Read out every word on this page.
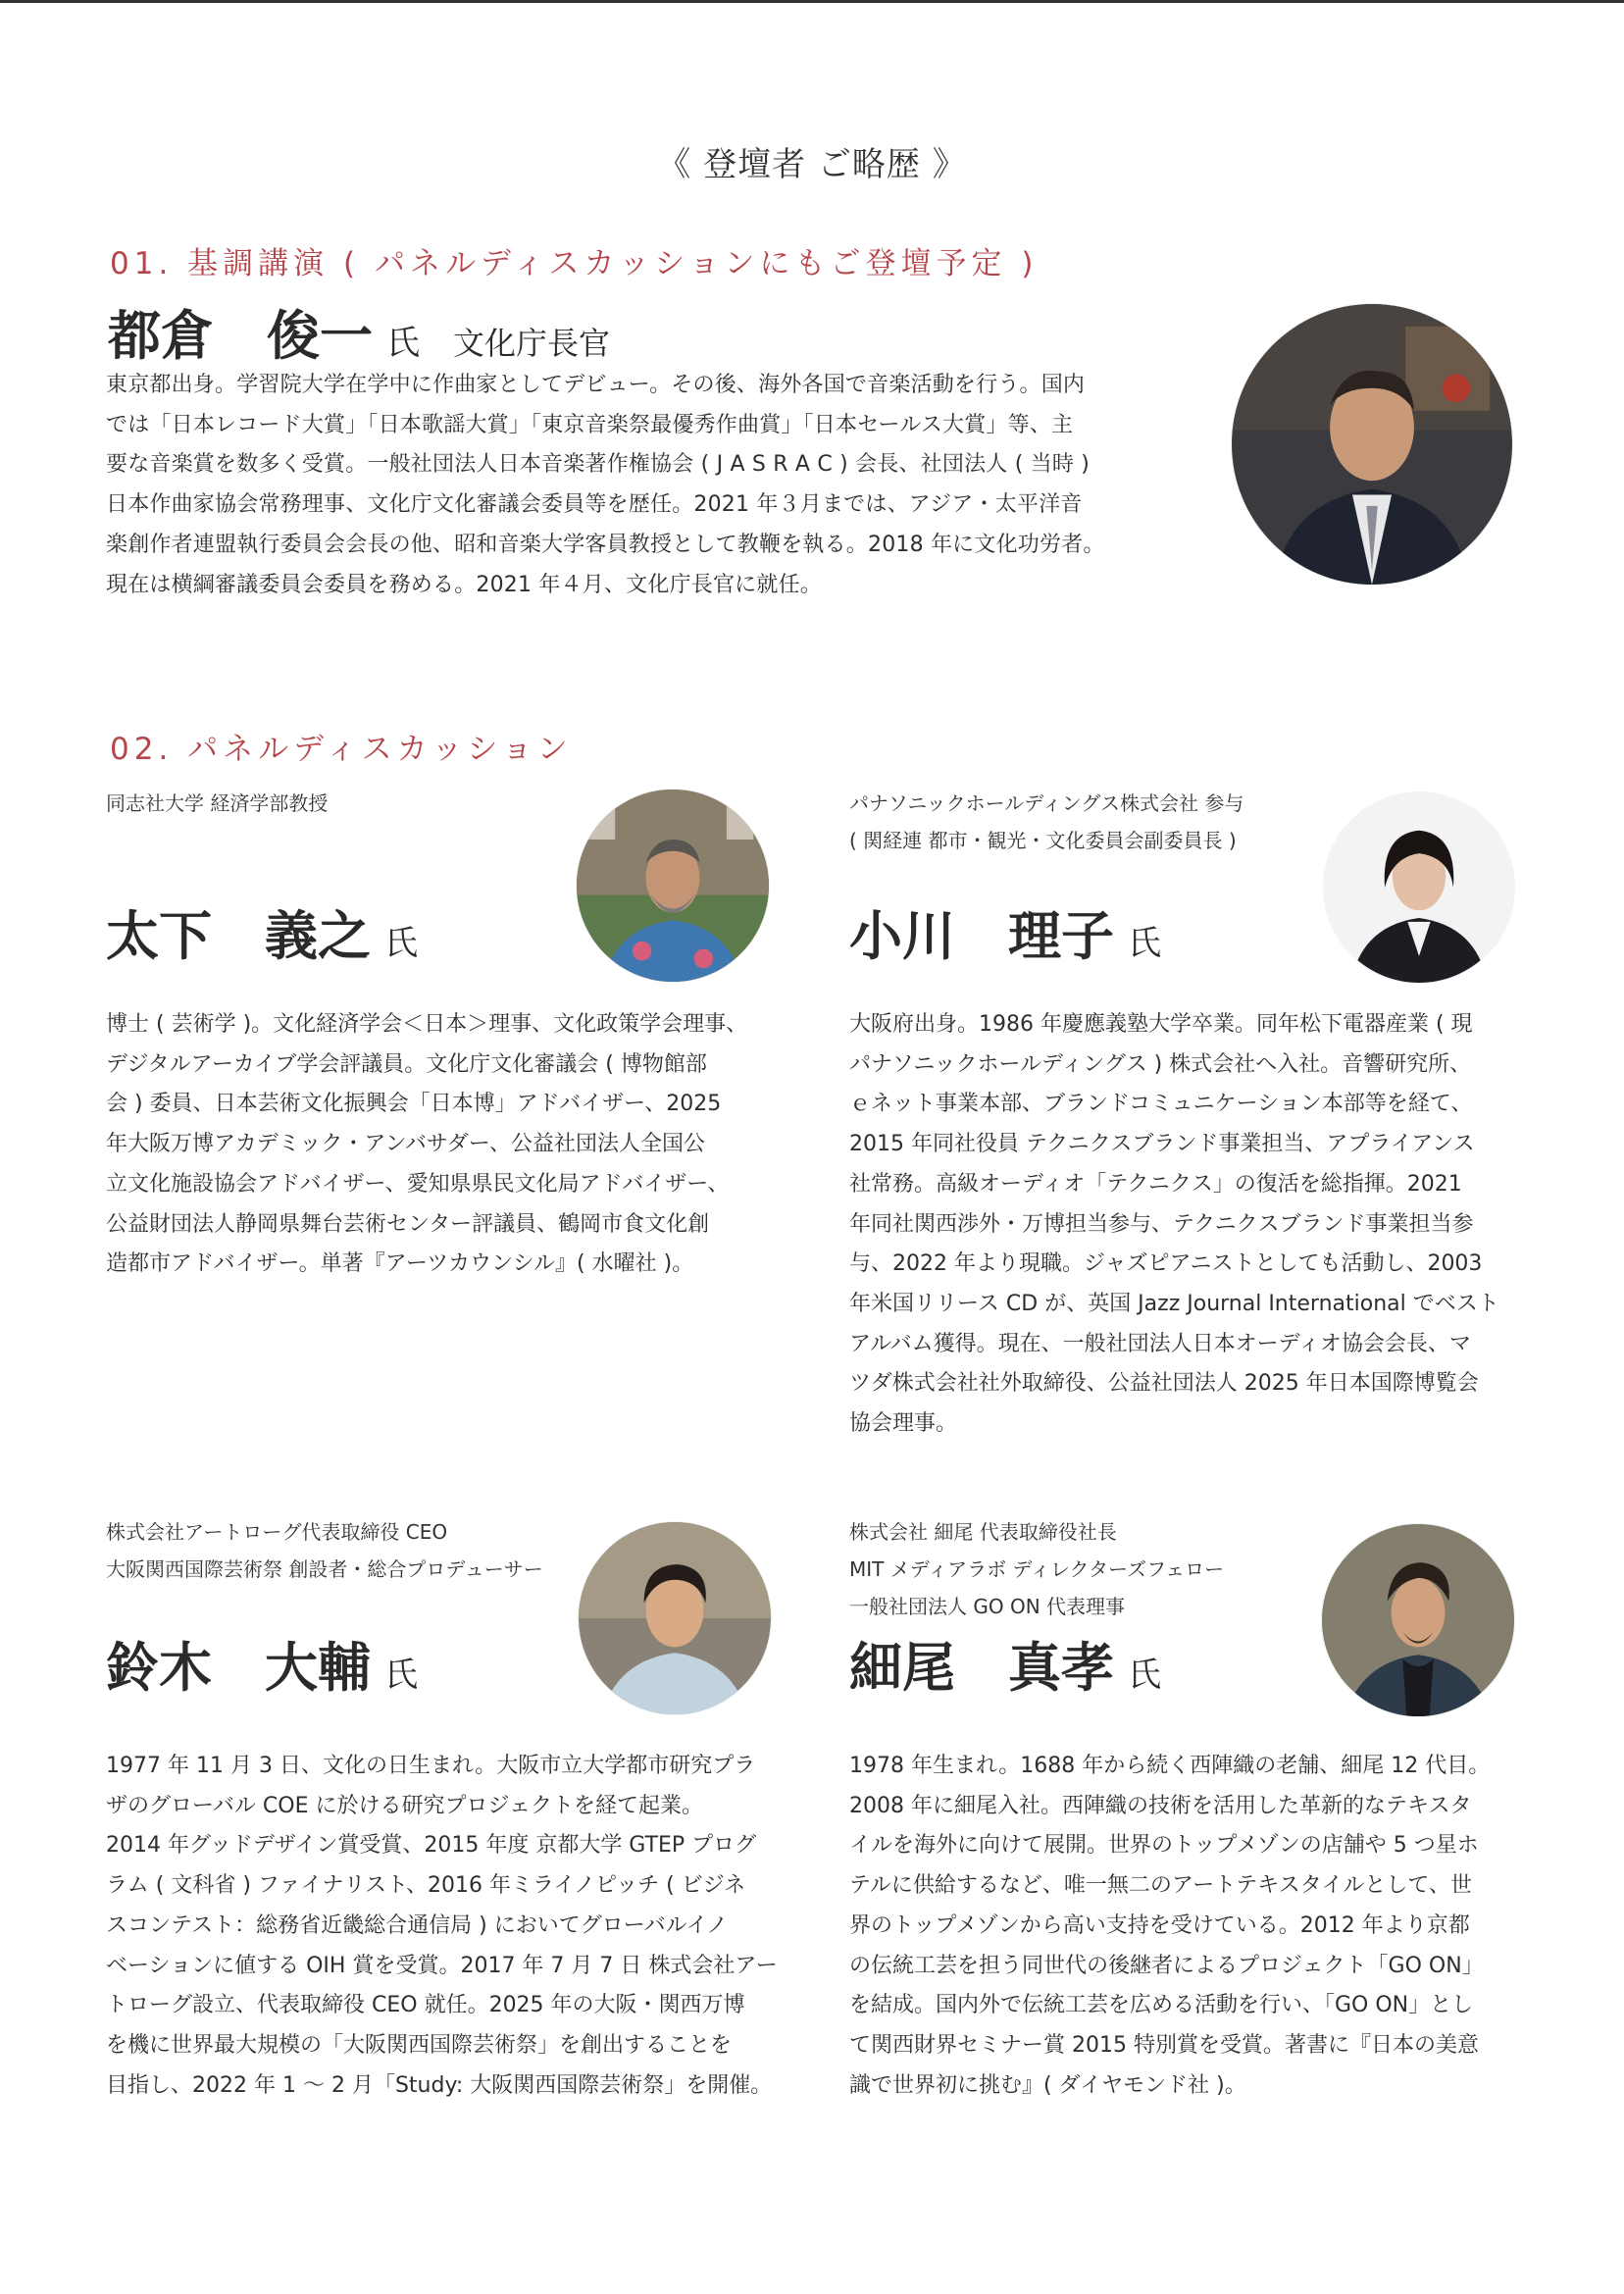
《 登壇者 ご略歴 》
01. 基調講演 ( パネルディスカッションにもご登壇予定 )
都倉　俊一 氏 文化庁長官
東京都出身。学習院大学在学中に作曲家としてデビュー。その後、海外各国で音楽活動を行う。国内
では「日本レコード大賞」「日本歌謡大賞」「東京音楽祭最優秀作曲賞」「日本セールス大賞」等、主
要な音楽賞を数多く受賞。一般社団法人日本音楽著作権協会 ( J A S R A C ) 会長、社団法人 ( 当時 )
日本作曲家協会常務理事、文化庁文化審議会委員等を歴任。2021 年３月までは、アジア・太平洋音
楽創作者連盟執行委員会会長の他、昭和音楽大学客員教授として教鞭を執る。2018 年に文化功労者。
現在は横綱審議委員会委員を務める。2021 年４月、文化庁長官に就任。
02. パネルディスカッション
同志社大学 経済学部教授
太下　義之 氏
博士 ( 芸術学 )。文化経済学会＜日本＞理事、文化政策学会理事、
デジタルアーカイブ学会評議員。文化庁文化審議会 ( 博物館部
会 ) 委員、日本芸術文化振興会「日本博」アドバイザー、2025
年大阪万博アカデミック・アンバサダー、公益社団法人全国公
立文化施設協会アドバイザー、愛知県県民文化局アドバイザー、
公益財団法人静岡県舞台芸術センター評議員、鶴岡市食文化創
造都市アドバイザー。単著『アーツカウンシル』( 水曜社 )。
パナソニックホールディングス株式会社 参与
( 関経連 都市・観光・文化委員会副委員長 )
小川　理子 氏
大阪府出身。1986 年慶應義塾大学卒業。同年松下電器産業 ( 現
パナソニックホールディングス ) 株式会社へ入社。音響研究所、
ｅネット事業本部、ブランドコミュニケーション本部等を経て、
2015 年同社役員 テクニクスブランド事業担当、アプライアンス
社常務。高級オーディオ「テクニクス」の復活を総指揮。2021
年同社関西渉外・万博担当参与、テクニクスブランド事業担当参
与、2022 年より現職。ジャズピアニストとしても活動し、2003
年米国リリース CD が、英国 Jazz Journal International でベスト
アルバム獲得。現在、一般社団法人日本オーディオ協会会長、マ
ツダ株式会社社外取締役、公益社団法人 2025 年日本国際博覧会
協会理事。
株式会社アートローグ代表取締役 CEO
大阪関西国際芸術祭 創設者・総合プロデューサー
鈴木　大輔 氏
1977 年 11 月 3 日、文化の日生まれ。大阪市立大学都市研究プラ
ザのグローバル COE に於ける研究プロジェクトを経て起業。
2014 年グッドデザイン賞受賞、2015 年度 京都大学 GTEP プログ
ラム ( 文科省 ) ファイナリスト、2016 年ミライノピッチ ( ビジネ
スコンテスト：総務省近畿総合通信局 ) においてグローバルイノ
ベーションに値する OIH 賞を受賞。2017 年 7 月 7 日 株式会社アー
トローグ設立、代表取締役 CEO 就任。2025 年の大阪・関西万博
を機に世界最大規模の「大阪関西国際芸術祭」を創出することを
目指し、2022 年 1 ～ 2 月「Study: 大阪関西国際芸術祭」を開催。
株式会社 細尾 代表取締役社長
MIT メディアラボ ディレクターズフェロー
一般社団法人 GO ON 代表理事
細尾　真孝 氏
1978 年生まれ。1688 年から続く西陣織の老舗、細尾 12 代目。
2008 年に細尾入社。西陣織の技術を活用した革新的なテキスタ
イルを海外に向けて展開。世界のトップメゾンの店舗や 5 つ星ホ
テルに供給するなど、唯一無二のアートテキスタイルとして、世
界のトップメゾンから高い支持を受けている。2012 年より京都
の伝統工芸を担う同世代の後継者によるプロジェクト「GO ON」
を結成。国内外で伝統工芸を広める活動を行い、「GO ON」とし
て関西財界セミナー賞 2015 特別賞を受賞。著書に『日本の美意
識で世界初に挑む』( ダイヤモンド社 )。
